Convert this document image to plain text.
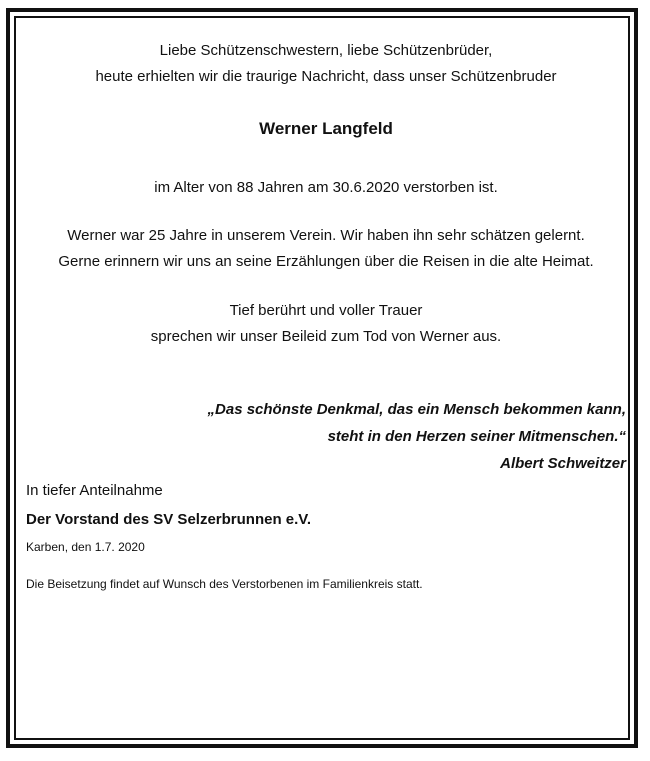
Liebe Schützenschwestern, liebe Schützenbrüder,

heute erhielten wir die traurige Nachricht, dass unser Schützenbruder

Werner Langfeld

im Alter von 88 Jahren am 30.6.2020 verstorben ist.

Werner war 25 Jahre in unserem Verein. Wir haben ihn sehr schätzen gelernt.

Gerne erinnern wir uns an seine Erzählungen über die Reisen in die alte Heimat.

Tief berührt und voller Trauer

sprechen wir unser Beileid zum Tod von Werner aus.

„Das schönste Denkmal, das ein Mensch bekommen kann,

steht in den Herzen seiner Mitmenschen.“

Albert Schweitzer

In tiefer Anteilnahme

Der Vorstand des SV Selzerbrunnen e.V.

Karben, den 1.7. 2020

Die Beisetzung findet auf Wunsch des Verstorbenen im Familienkreis statt.
